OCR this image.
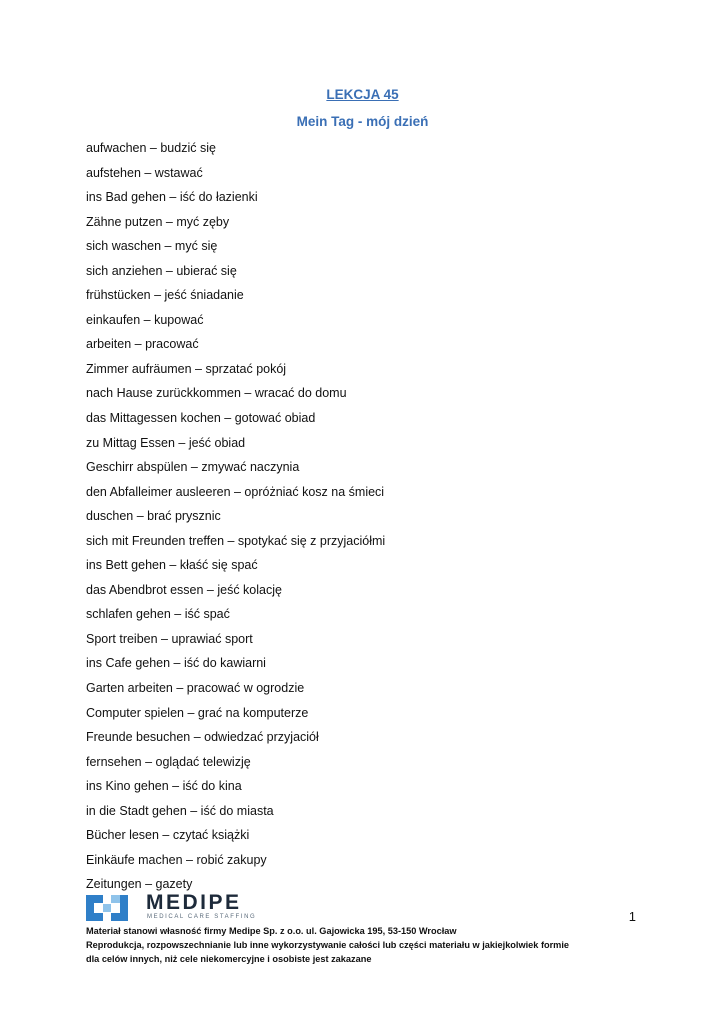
LEKCJA 45
Mein Tag - mój dzień
aufwachen – budzić się
aufstehen – wstawać
ins Bad gehen – iść do łazienki
Zähne putzen – myć zęby
sich waschen – myć się
sich anziehen – ubierać się
frühstücken – jeść śniadanie
einkaufen – kupować
arbeiten – pracować
Zimmer aufräumen – sprzatać pokój
nach Hause zurückkommen – wracać do domu
das Mittagessen kochen – gotować obiad
zu Mittag Essen – jeść obiad
Geschirr abspülen – zmywać naczynia
den Abfalleimer ausleeren – opróżniać kosz na śmieci
duschen – brać prysznic
sich mit Freunden treffen – spotykać się z przyjaciółmi
ins Bett gehen – kłaść się spać
das Abendbrot essen – jeść kolację
schlafen gehen – iść spać
Sport treiben – uprawiać sport
ins Cafe gehen – iść do kawiarni
Garten arbeiten – pracować w ogrodzie
Computer spielen – grać na komputerze
Freunde besuchen – odwiedzać przyjaciół
fernsehen – oglądać telewizję
ins Kino gehen – iść do kina
in die Stadt gehen – iść do miasta
Bücher lesen – czytać książki
Einkäufe machen – robić zakupy
Zeitungen – gazety
MEDIPE
MEDICAL CARE STAFFING	1
Materiał stanowi własność firmy Medipe Sp. z o.o. ul. Gajowicka 195, 53-150 Wrocław
Reprodukcja, rozpowszechnianie lub inne wykorzystywanie całości lub części materiału w jakiejkolwiek formie
dla celów innych, niż cele niekomercyjne i osobiste jest zakazane
